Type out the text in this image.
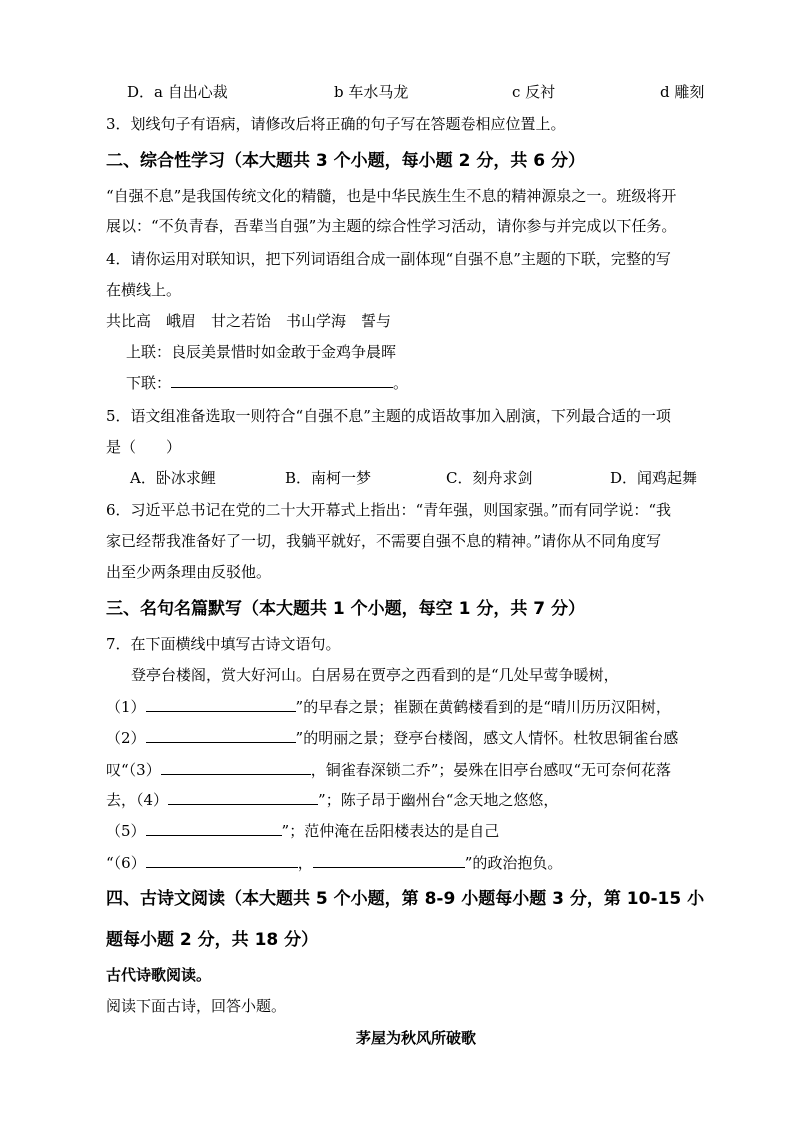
D．a 自出心裁	b 车水马龙	c 反衬	d 雕刻
3．划线句子有语病，请修改后将正确的句子写在答题卷相应位置上。
二、综合性学习（本大题共 3 个小题，每小题 2 分，共 6 分）
“自强不息”是我国传统文化的精髓，也是中华民族生生不息的精神源泉之一。班级将开
展以：“不负青春，吾辈当自强”为主题的综合性学习活动，请你参与并完成以下任务。
4．请你运用对联知识，把下列词语组合成一副体现“自强不息”主题的下联，完整的写
在横线上。
共比高　峨眉　甘之若饴　书山学海　誓与
上联：良辰美景惜时如金敢于金鸡争晨晖
下联：	。
5．语文组准备选取一则符合“自强不息”主题的成语故事加入剧演，下列最合适的一项
是（　　）
A．卧冰求鲤	B．南柯一梦	C．刻舟求剑	D．闻鸡起舞
6．习近平总书记在党的二十大开幕式上指出：“青年强，则国家强。”而有同学说：“我
家已经帮我准备好了一切，我躺平就好，不需要自强不息的精神。”请你从不同角度写
出至少两条理由反驳他。
三、名句名篇默写（本大题共 1 个小题，每空 1 分，共 7 分）
7．在下面横线中填写古诗文语句。
登亭台楼阁，赏大好河山。白居易在贾亭之西看到的是“几处早莺争暖树，
（1）	”的早春之景；崔颢在黄鹤楼看到的是“晴川历历汉阳树，
（2）	”的明丽之景；登亭台楼阁，感文人情怀。杜牧思铜雀台感
叹“（3）	，铜雀春深锁二乔”；晏殊在旧亭台感叹“无可奈何花落
去，（4）	”；陈子昂于幽州台“念天地之悠悠，
（5）	”；范仲淹在岳阳楼表达的是自己
“（6）	，	”的政治抱负。
四、古诗文阅读（本大题共 5 个小题，第 8-9 小题每小题 3 分，第 10-15 小
题每小题 2 分，共 18 分）
古代诗歌阅读。
阅读下面古诗，回答小题。
茅屋为秋风所破歌
